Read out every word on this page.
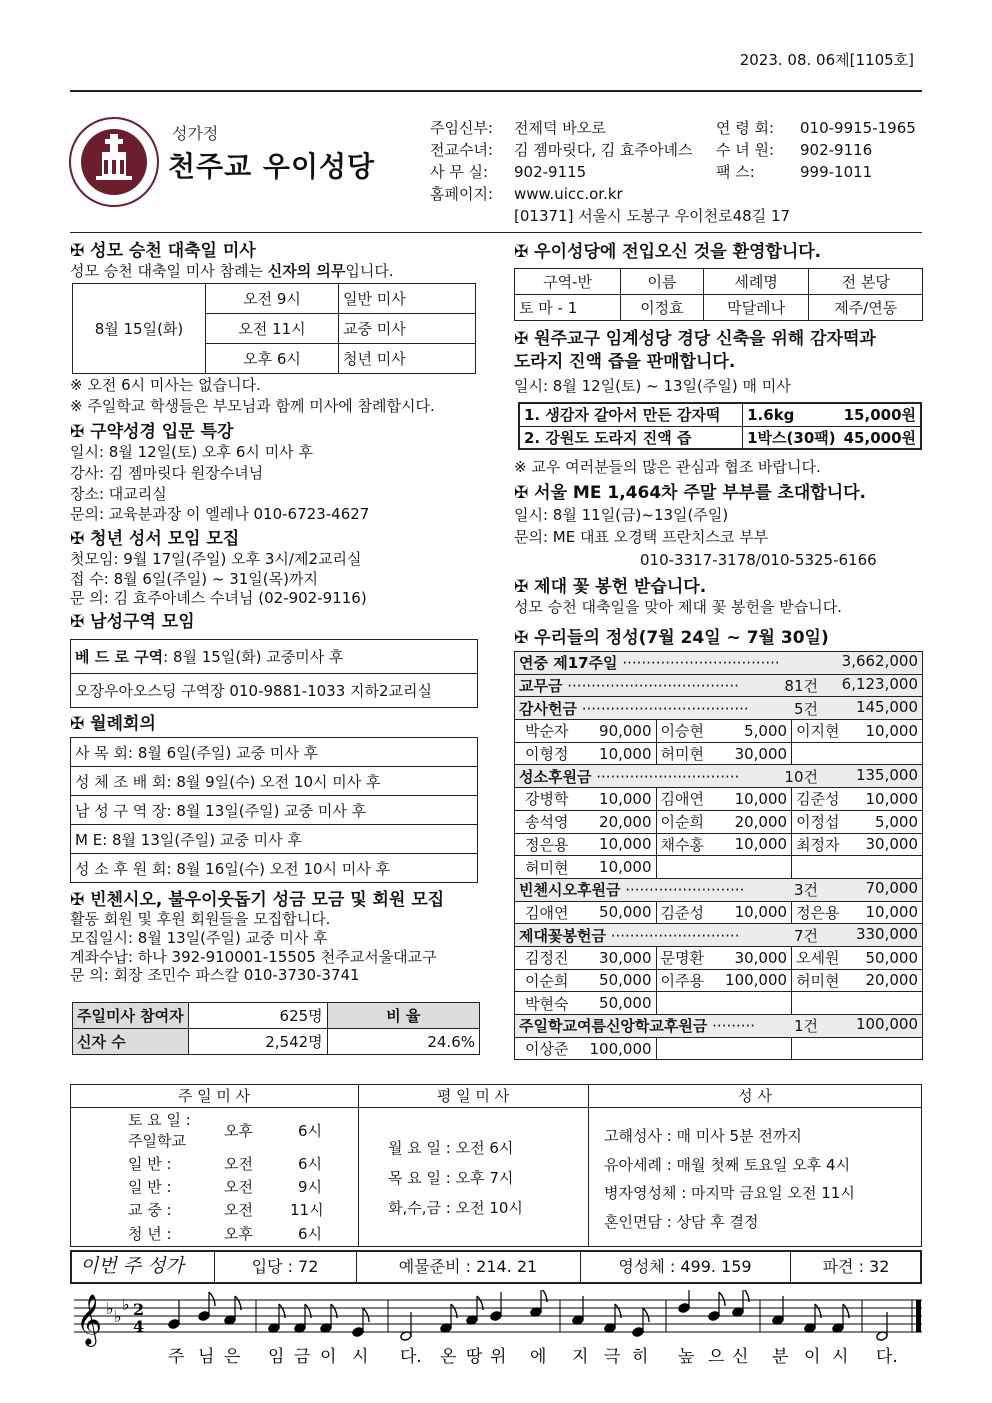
2023. 08. 06제[1105호]
성가정
천주교 우이성당
주임신부: 전제덕 바오로	연 령 회: 010-9915-1965
전교수녀: 김 젬마릿다, 김 효주아녜스 수 녀 원: 902-9116
사 무 실: 902-9115	팩 스:	999-1011
홈페이지: www.uicc.or.kr
[01371] 서울시 도봉구 우이천로48길 17
✠ 성모 승천 대축일 미사
성모 승천 대축일 미사 참례는 신자의 의무입니다.
8월 15일(화)	오전 9시	일반 미사
	오전 11시	교중 미사
	오후 6시	청년 미사
※ 오전 6시 미사는 없습니다.
※ 주일학교 학생들은 부모님과 함께 미사에 참례합시다.
✠ 구약성경 입문 특강
일시: 8월 12일(토) 오후 6시 미사 후
강사: 김 젬마릿다 원장수녀님
장소: 대교리실
문의: 교육분과장 이 엘레나 010-6723-4627
✠ 청년 성서 모임 모집
첫모임: 9월 17일(주일) 오후 3시/제2교리실
접 수: 8월 6일(주일) ~ 31일(목)까지
문 의: 김 효주아녜스 수녀님 (02-902-9116)
✠ 남성구역 모임
베 드 로 구역: 8월 15일(화) 교중미사 후
오장우아오스딩 구역장 010-9881-1033 지하2교리실
✠ 월례회의
사 목 회: 8월 6일(주일) 교중 미사 후
성 체 조 배 회: 8월 9일(수) 오전 10시 미사 후
남 성 구 역 장: 8월 13일(주일) 교중 미사 후
M E: 8월 13일(주일) 교중 미사 후
성 소 후 원 회: 8월 16일(수) 오전 10시 미사 후
✠ 빈첸시오, 불우이웃돕기 성금 모금 및 회원 모집
활동 회원 및 후원 회원들을 모집합니다.
모집일시: 8월 13일(주일) 교중 미사 후
계좌수납: 하나 392-910001-15505 천주교서울대교구
문 의: 회장 조민수 파스칼 010-3730-3741
주일미사 참여자	625명	비 율
신자 수	2,542명	24.6%
✠ 우이성당에 전입오신 것을 환영합니다.
구역-반	이름	세례명	전 본당
토 마 - 1	이정효	막달레나	제주/연동
✠ 원주교구 임계성당 경당 신축을 위해 감자떡과
도라지 진액 즙을 판매합니다.
일시: 8월 12일(토) ~ 13일(주일) 매 미사
1. 생감자 갈아서 만든 감자떡	1.6kg	15,000원
2. 강원도 도라지 진액 즙	1박스(30팩)	45,000원
※ 교우 여러분들의 많은 관심과 협조 바랍니다.
✠ 서울 ME 1,464차 주말 부부를 초대합니다.
일시: 8월 11일(금)~13일(주일)
문의: ME 대표 오경택 프란치스코 부부
010-3317-3178/010-5325-6166
✠ 제대 꽃 봉헌 받습니다.
성모 승천 대축일을 맞아 제대 꽃 봉헌을 받습니다.
✠ 우리들의 정성(7월 24일 ~ 7월 30일)
연중 제17주일 ································· 3,662,000					

교무금 ···································· 81건 6,123,000					

감사헌금 ··································· 5건 145,000					

박순자	90,000	이승현	5,000	이지현	10,000
이형정	10,000	허미현	30,000		
성소후원금 ······························ 10건 135,000					

강병학	10,000	김애연	10,000	김준성	10,000
송석영	20,000	이순희	20,000	이정섭	5,000
정은용	10,000	채수홍	10,000	최정자	30,000
허미현	10,000				
빈첸시오후원금 ························· 3건 70,000					

김애연	50,000	김준성	10,000	정은용	10,000
제대꽃봉헌금 ··························· 7건 330,000					

김정진	30,000	문명환	30,000	오세원	50,000
이순희	50,000	이주용	100,000	허미현	20,000
박현숙	50,000				
주일학교여름신앙학교후원금 ········· 1건 100,000					

이상준	100,000				
주 일 미 사	평 일 미 사	성 사
토 요 일 :
주일학교
오후	6시
일 반 :	오전	6시
일 반 :	오전	9시
교 중 :	오전 11시
청 년 :	오후	6시
월 요 일 : 오전 6시
목 요 일 : 오후 7시
화,수,금 : 오전 10시
고해성사 : 매 미사 5분 전까지
유아세례 : 매월 첫째 토요일 오후 4시
병자영성체 : 마지막 금요일 오전 11시
혼인면담 : 상담 후 결정
이번 주 성가	입당 : 72	예물준비 : 214. 21	영성체 : 499. 159	파견 : 32
𝄞 ♭ ♭
♭ 2
4
주 님 은 임 금 이 시 다. 온 땅 위 에 지 극 히 높 으 신 분 이 시 다.
